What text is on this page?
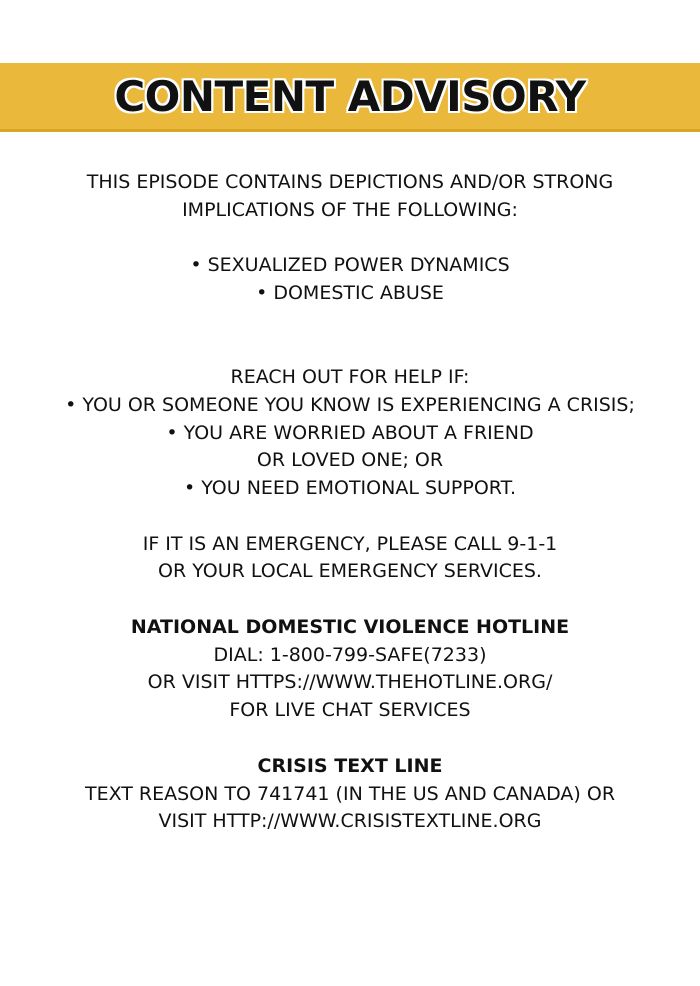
CONTENT ADVISORY
THIS EPISODE CONTAINS DEPICTIONS AND/OR STRONG
IMPLICATIONS OF THE FOLLOWING:
• SEXUALIZED POWER DYNAMICS
• DOMESTIC ABUSE
REACH OUT FOR HELP IF:
• YOU OR SOMEONE YOU KNOW IS EXPERIENCING A CRISIS;
• YOU ARE WORRIED ABOUT A FRIEND
OR LOVED ONE; OR
• YOU NEED EMOTIONAL SUPPORT.
IF IT IS AN EMERGENCY, PLEASE CALL 9-1-1
OR YOUR LOCAL EMERGENCY SERVICES.
NATIONAL DOMESTIC VIOLENCE HOTLINE
DIAL: 1-800-799-SAFE(7233)
OR VISIT HTTPS://WWW.THEHOTLINE.ORG/
FOR LIVE CHAT SERVICES
CRISIS TEXT LINE
TEXT REASON TO 741741 (IN THE US AND CANADA) OR
VISIT HTTP://WWW.CRISISTEXTLINE.ORG
